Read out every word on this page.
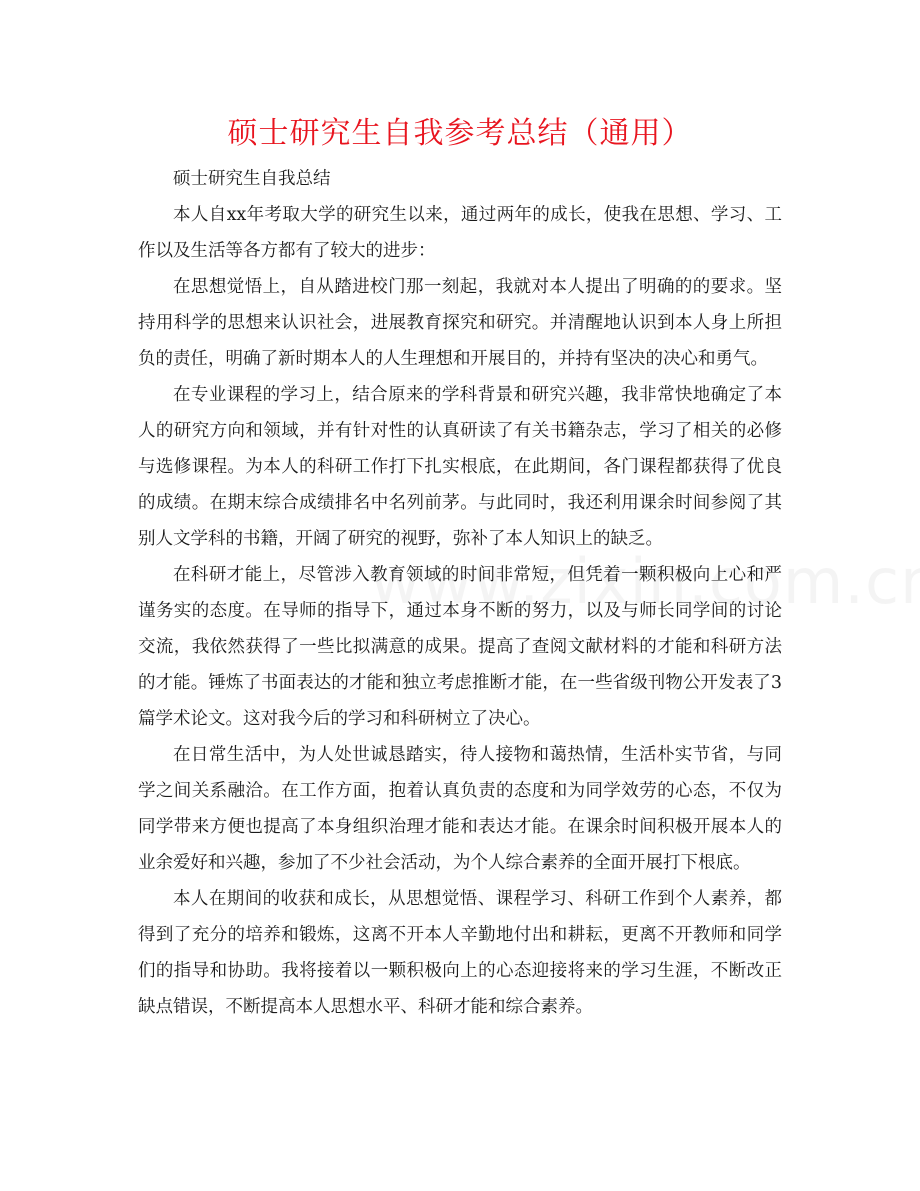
硕士研究生自我参考总结（通用）

硕士研究生自我总结

本人自xx年考取大学的研究生以来，通过两年的成长，使我在思想、学习、工作以及生活等各方都有了较大的进步：

在思想觉悟上，自从踏进校门那一刻起，我就对本人提出了明确的的要求。坚持用科学的思想来认识社会，进展教育探究和研究。并清醒地认识到本人身上所担负的责任，明确了新时期本人的人生理想和开展目的，并持有坚决的决心和勇气。

在专业课程的学习上，结合原来的学科背景和研究兴趣，我非常快地确定了本人的研究方向和领域，并有针对性的认真研读了有关书籍杂志，学习了相关的必修与选修课程。为本人的科研工作打下扎实根底，在此期间，各门课程都获得了优良的成绩。在期末综合成绩排名中名列前茅。与此同时，我还利用课余时间参阅了其别人文学科的书籍，开阔了研究的视野，弥补了本人知识上的缺乏。

在科研才能上，尽管涉入教育领域的时间非常短，但凭着一颗积极向上心和严谨务实的态度。在导师的指导下，通过本身不断的努力，以及与师长同学间的讨论交流，我依然获得了一些比拟满意的成果。提高了查阅文献材料的才能和科研方法的才能。锤炼了书面表达的才能和独立考虑推断才能，在一些省级刊物公开发表了3篇学术论文。这对我今后的学习和科研树立了决心。

在日常生活中，为人处世诚恳踏实，待人接物和蔼热情，生活朴实节省，与同学之间关系融洽。在工作方面，抱着认真负责的态度和为同学效劳的心态，不仅为同学带来方便也提高了本身组织治理才能和表达才能。在课余时间积极开展本人的业余爱好和兴趣，参加了不少社会活动，为个人综合素养的全面开展打下根底。

本人在期间的收获和成长，从思想觉悟、课程学习、科研工作到个人素养，都得到了充分的培养和锻炼，这离不开本人辛勤地付出和耕耘，更离不开教师和同学们的指导和协助。我将接着以一颗积极向上的心态迎接将来的学习生涯，不断改正缺点错误，不断提高本人思想水平、科研才能和综合素养。
